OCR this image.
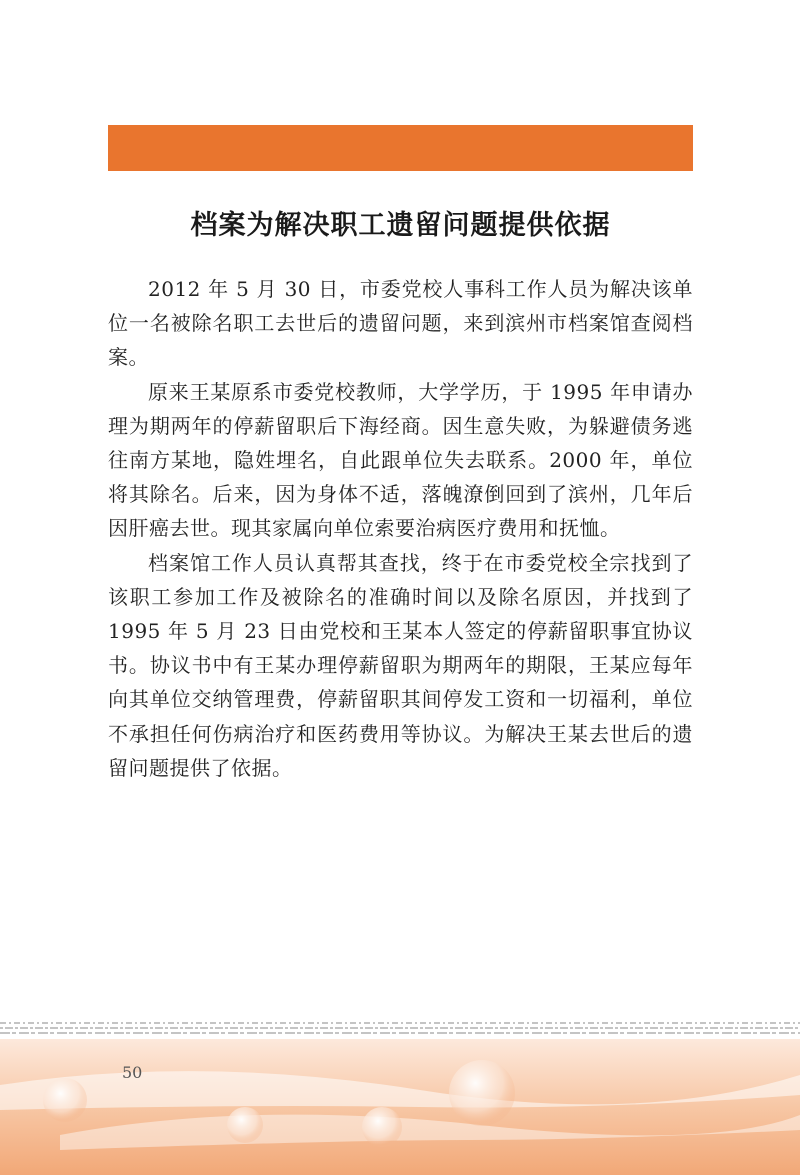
档案为解决职工遗留问题提供依据

2012 年 5 月 30 日，市委党校人事科工作人员为解决该单位一名被除名职工去世后的遗留问题，来到滨州市档案馆查阅档案。

原来王某原系市委党校教师，大学学历，于 1995 年申请办理为期两年的停薪留职后下海经商。因生意失败，为躲避债务逃往南方某地，隐姓埋名，自此跟单位失去联系。2000 年，单位将其除名。后来，因为身体不适，落魄潦倒回到了滨州，几年后因肝癌去世。现其家属向单位索要治病医疗费用和抚恤。

档案馆工作人员认真帮其查找，终于在市委党校全宗找到了该职工参加工作及被除名的准确时间以及除名原因，并找到了 1995 年 5 月 23 日由党校和王某本人签定的停薪留职事宜协议书。协议书中有王某办理停薪留职为期两年的期限，王某应每年向其单位交纳管理费，停薪留职其间停发工资和一切福利，单位不承担任何伤病治疗和医药费用等协议。为解决王某去世后的遗留问题提供了依据。

50
